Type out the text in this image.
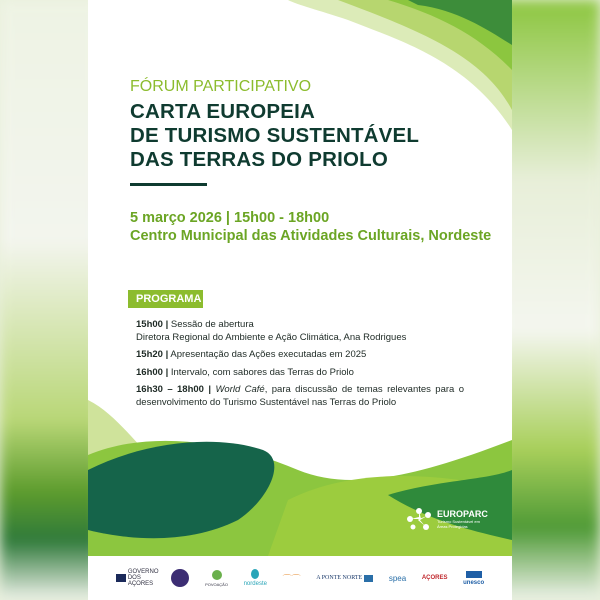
FÓRUM PARTICIPATIVO
CARTA EUROPEIA
DE TURISMO SUSTENTÁVEL
DAS TERRAS DO PRIOLO
5 março 2026 | 15h00 - 18h00
Centro Municipal das Atividades Culturais, Nordeste
PROGRAMA

15h00 | Sessão de abertura
Diretora Regional do Ambiente e Ação Climática, Ana Rodrigues

15h20 | Apresentação das Ações executadas em 2025

16h00 | Intervalo, com sabores das Terras do Priolo

16h30 – 18h00 | World Café, para discussão de temas relevantes para o desenvolvimento do Turismo Sustentável nas Terras do Priolo

EUROPARC
Turismo Sustentável em Áreas Protegidas
GOVERNO DOS AÇORES	POVOAÇÃO	nordeste
⌒⌒	A PONTE NORTE	spea	AÇORES
unesco
